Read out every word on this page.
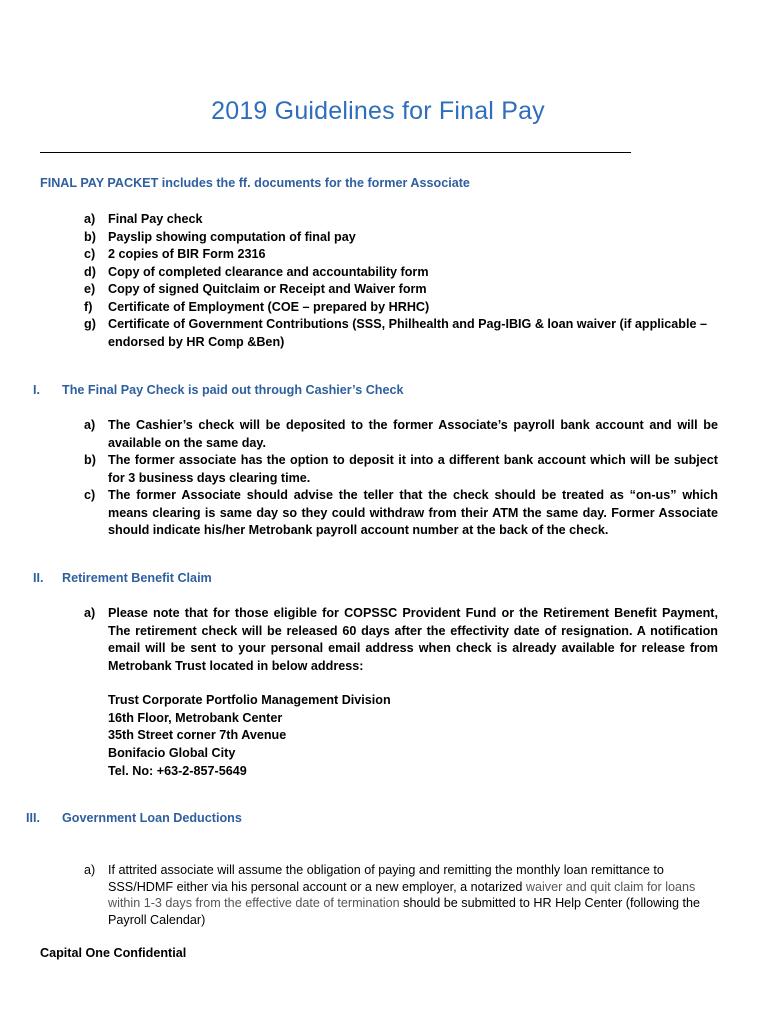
2019 Guidelines for Final Pay
FINAL PAY PACKET includes the ff. documents for the former Associate
a)	Final Pay check
b) Payslip showing computation of final pay
c)	2 copies of BIR Form 2316
d) Copy of completed clearance and accountability form
e)	Copy of signed Quitclaim or Receipt and Waiver form
f)	Certificate of Employment (COE – prepared by HRHC)
g) Certificate of Government Contributions (SSS, Philhealth and Pag-IBIG & loan waiver (if applicable – endorsed by HR Comp &Ben)
I. The Final Pay Check is paid out through Cashier’s Check
a)	The Cashier’s check will be deposited to the former Associate’s payroll bank account and will be available on the same day.
b) The former associate has the option to deposit it into a different bank account which will be subject for 3 business days clearing time.
c)	The former Associate should advise the teller that the check should be treated as “on-us” which means clearing is same day so they could withdraw from their ATM the same day. Former Associate should indicate his/her Metrobank payroll account number at the back of the check.
II. Retirement Benefit Claim
a)	Please note that for those eligible for COPSSC Provident Fund or the Retirement Benefit Payment, The retirement check will be released 60 days after the effectivity date of resignation. A notification email will be sent to your personal email address when check is already available for release from Metrobank Trust located in below address:
Trust Corporate Portfolio Management Division
16th Floor, Metrobank Center
35th Street corner 7th Avenue
Bonifacio Global City
Tel. No: +63-2-857-5649
III. Government Loan Deductions
a)	If attrited associate will assume the obligation of paying and remitting the monthly loan remittance to SSS/HDMF either via his personal account or a new employer, a notarized waiver and quit claim for loans within 1-3 days from the effective date of termination should be submitted to HR Help Center (following the Payroll Calendar)
Capital One Confidential
